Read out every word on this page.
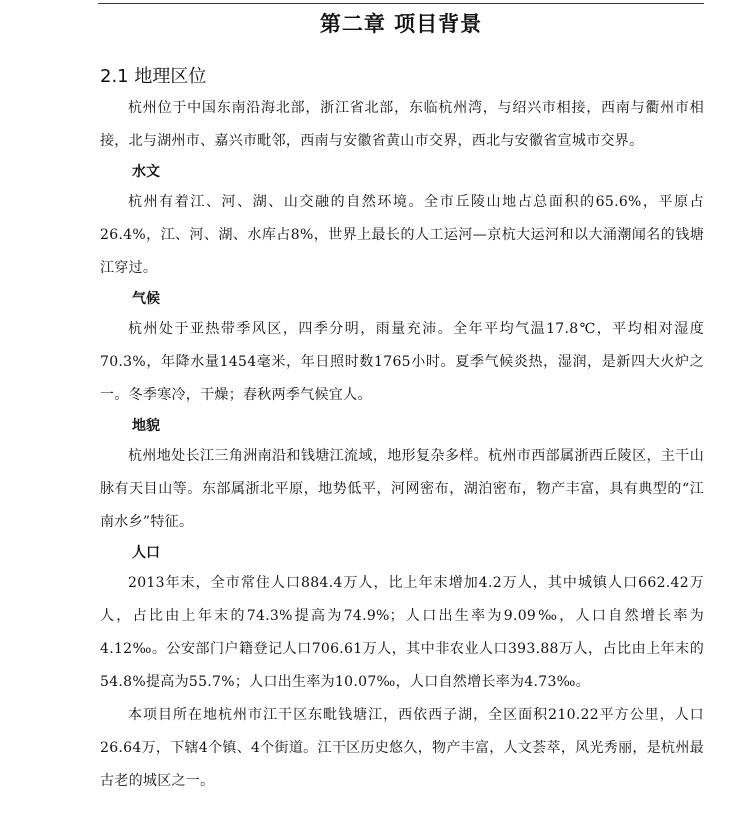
第二章 项目背景
2.1 地理区位

杭州位于中国东南沿海北部，浙江省北部，东临杭州湾，与绍兴市相接，西南与衢州市相接，北与湖州市、嘉兴市毗邻，西南与安徽省黄山市交界，西北与安徽省宣城市交界。

水文

杭州有着江、河、湖、山交融的自然环境。全市丘陵山地占总面积的65.6%，平原占26.4%，江、河、湖、水库占8%，世界上最长的人工运河—京杭大运河和以大涌潮闻名的钱塘江穿过。

气候

杭州处于亚热带季风区，四季分明，雨量充沛。全年平均气温17.8℃，平均相对湿度70.3%，年降水量1454毫米，年日照时数1765小时。夏季气候炎热，湿润，是新四大火炉之一。冬季寒冷，干燥；春秋两季气候宜人。

地貌

杭州地处长江三角洲南沿和钱塘江流域，地形复杂多样。杭州市西部属浙西丘陵区，主干山脉有天目山等。东部属浙北平原，地势低平，河网密布，湖泊密布，物产丰富，具有典型的“江南水乡”特征。

人口

2013年末，全市常住人口884.4万人，比上年末增加4.2万人，其中城镇人口662.42万人，占比由上年末的74.3%提高为74.9%；人口出生率为9.09‰，人口自然增长率为4.12‰。公安部门户籍登记人口706.61万人，其中非农业人口393.88万人，占比由上年末的54.8%提高为55.7%；人口出生率为10.07‰，人口自然增长率为4.73‰。

本项目所在地杭州市江干区东毗钱塘江，西依西子湖，全区面积210.22平方公里，人口26.64万，下辖4个镇、4个街道。江干区历史悠久，物产丰富，人文荟萃，风光秀丽，是杭州最古老的城区之一。
